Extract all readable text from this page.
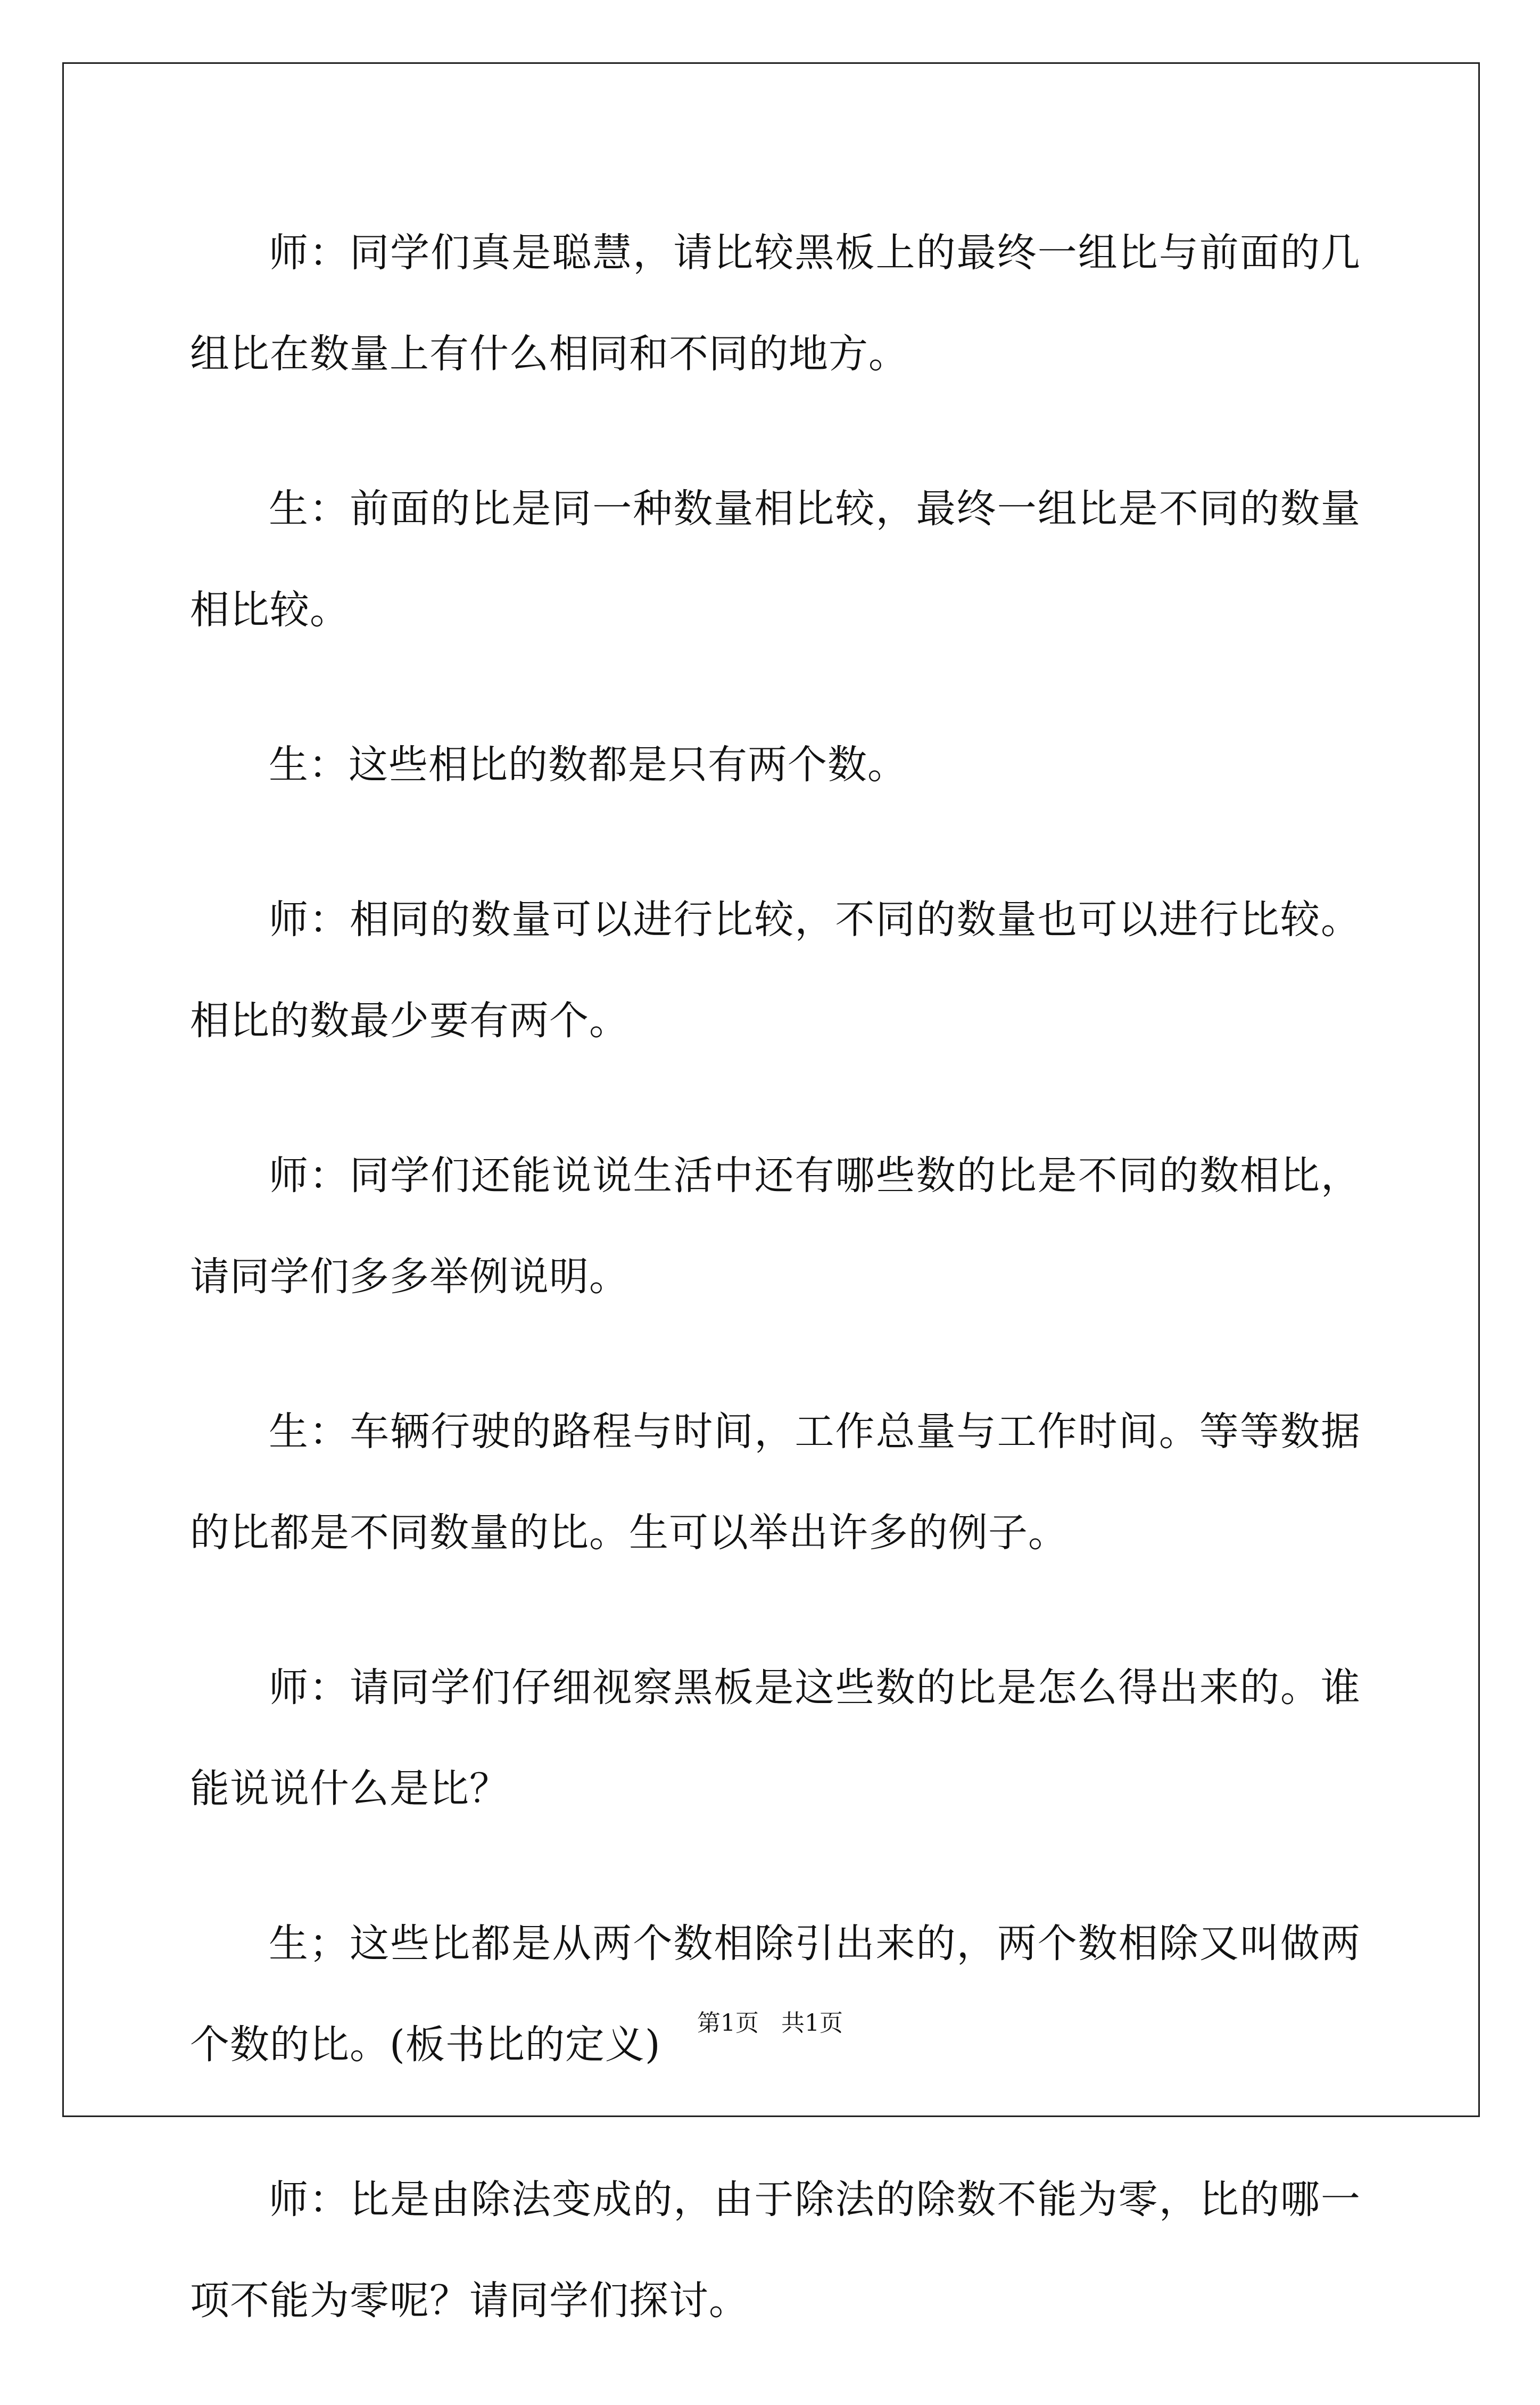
师：同学们真是聪慧，请比较黑板上的最终一组比与前面的几组比在数量上有什么相同和不同的地方。

生：前面的比是同一种数量相比较，最终一组比是不同的数量相比较。

生：这些相比的数都是只有两个数。

师：相同的数量可以进行比较，不同的数量也可以进行比较。相比的数最少要有两个。

师：同学们还能说说生活中还有哪些数的比是不同的数相比，请同学们多多举例说明。

生：车辆行驶的路程与时间，工作总量与工作时间。等等数据的比都是不同数量的比。生可以举出许多的例子。

师：请同学们仔细视察黑板是这些数的比是怎么得出来的。谁能说说什么是比？

生；这些比都是从两个数相除引出来的，两个数相除又叫做两个数的比。(板书比的定义)

师：比是由除法变成的，由于除法的除数不能为零，比的哪一项不能为零呢？请同学们探讨。

第1页 共1页
